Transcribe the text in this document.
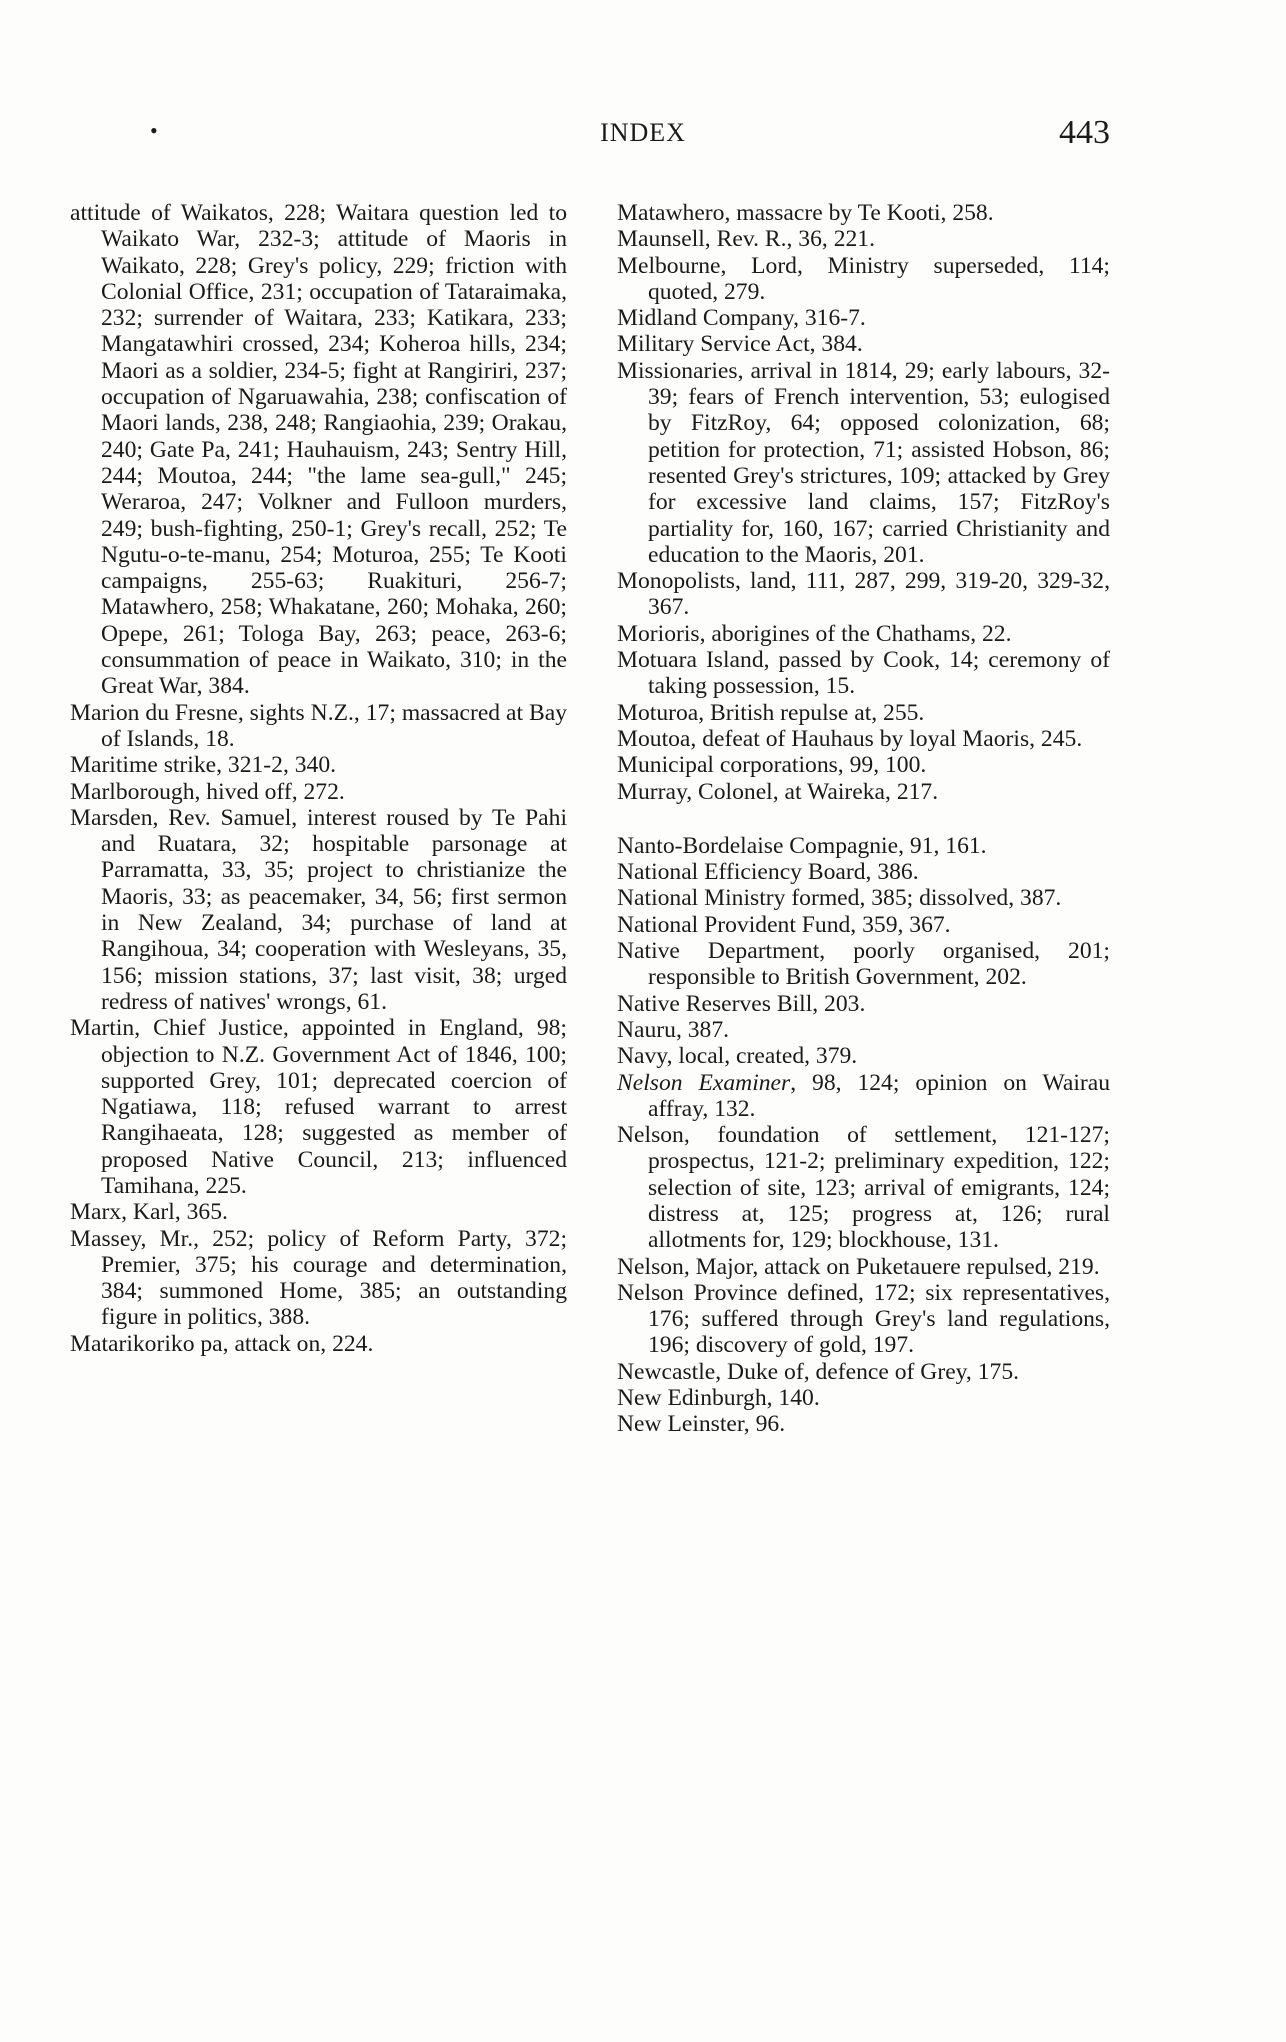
•	INDEX	443

attitude of Waikatos, 228; Waitara question led to Waikato War, 232-3; attitude of Maoris in Waikato, 228; Grey's policy, 229; friction with Colonial Office, 231; occupation of Tataraimaka, 232; surrender of Waitara, 233; Katikara, 233; Mangatawhiri crossed, 234; Koheroa hills, 234; Maori as a soldier, 234-5; fight at Rangiriri, 237; occupation of Ngaruawahia, 238; confiscation of Maori lands, 238, 248; Rangiaohia, 239; Orakau, 240; Gate Pa, 241; Hauhauism, 243; Sentry Hill, 244; Moutoa, 244; "the lame sea-gull," 245; Weraroa, 247; Volkner and Fulloon murders, 249; bush-fighting, 250-1; Grey's recall, 252; Te Ngutu-o-te-manu, 254; Moturoa, 255; Te Kooti campaigns, 255-63; Ruakituri, 256-7; Matawhero, 258; Whakatane, 260; Mohaka, 260; Opepe, 261; Tologa Bay, 263; peace, 263-6; consummation of peace in Waikato, 310; in the Great War, 384.

Marion du Fresne, sights N.Z., 17; massacred at Bay of Islands, 18.

Maritime strike, 321-2, 340.

Marlborough, hived off, 272.

Marsden, Rev. Samuel, interest roused by Te Pahi and Ruatara, 32; hospitable parsonage at Parramatta, 33, 35; project to christianize the Maoris, 33; as peacemaker, 34, 56; first sermon in New Zealand, 34; purchase of land at Rangihoua, 34; cooperation with Wesleyans, 35, 156; mission stations, 37; last visit, 38; urged redress of natives' wrongs, 61.

Martin, Chief Justice, appointed in England, 98; objection to N.Z. Government Act of 1846, 100; supported Grey, 101; deprecated coercion of Ngatiawa, 118; refused warrant to arrest Rangihaeata, 128; suggested as member of proposed Native Council, 213; influenced Tamihana, 225.

Marx, Karl, 365.

Massey, Mr., 252; policy of Reform Party, 372; Premier, 375; his courage and determination, 384; summoned Home, 385; an outstanding figure in politics, 388.

Matarikoriko pa, attack on, 224.

Matawhero, massacre by Te Kooti, 258.

Maunsell, Rev. R., 36, 221.

Melbourne, Lord, Ministry superseded, 114; quoted, 279.

Midland Company, 316-7.

Military Service Act, 384.

Missionaries, arrival in 1814, 29; early labours, 32-39; fears of French intervention, 53; eulogised by FitzRoy, 64; opposed colonization, 68; petition for protection, 71; assisted Hobson, 86; resented Grey's strictures, 109; attacked by Grey for excessive land claims, 157; FitzRoy's partiality for, 160, 167; carried Christianity and education to the Maoris, 201.

Monopolists, land, 111, 287, 299, 319-20, 329-32, 367.

Morioris, aborigines of the Chathams, 22.

Motuara Island, passed by Cook, 14; ceremony of taking possession, 15.

Moturoa, British repulse at, 255.

Moutoa, defeat of Hauhaus by loyal Maoris, 245.

Municipal corporations, 99, 100.

Murray, Colonel, at Waireka, 217.

Nanto-Bordelaise Compagnie, 91, 161.

National Efficiency Board, 386.

National Ministry formed, 385; dissolved, 387.

National Provident Fund, 359, 367.

Native Department, poorly organised, 201; responsible to British Government, 202.

Native Reserves Bill, 203.

Nauru, 387.

Navy, local, created, 379.

Nelson Examiner, 98, 124; opinion on Wairau affray, 132.

Nelson, foundation of settlement, 121-127; prospectus, 121-2; preliminary expedition, 122; selection of site, 123; arrival of emigrants, 124; distress at, 125; progress at, 126; rural allotments for, 129; blockhouse, 131.

Nelson, Major, attack on Puketauere repulsed, 219.

Nelson Province defined, 172; six representatives, 176; suffered through Grey's land regulations, 196; discovery of gold, 197.

Newcastle, Duke of, defence of Grey, 175.

New Edinburgh, 140.

New Leinster, 96.
